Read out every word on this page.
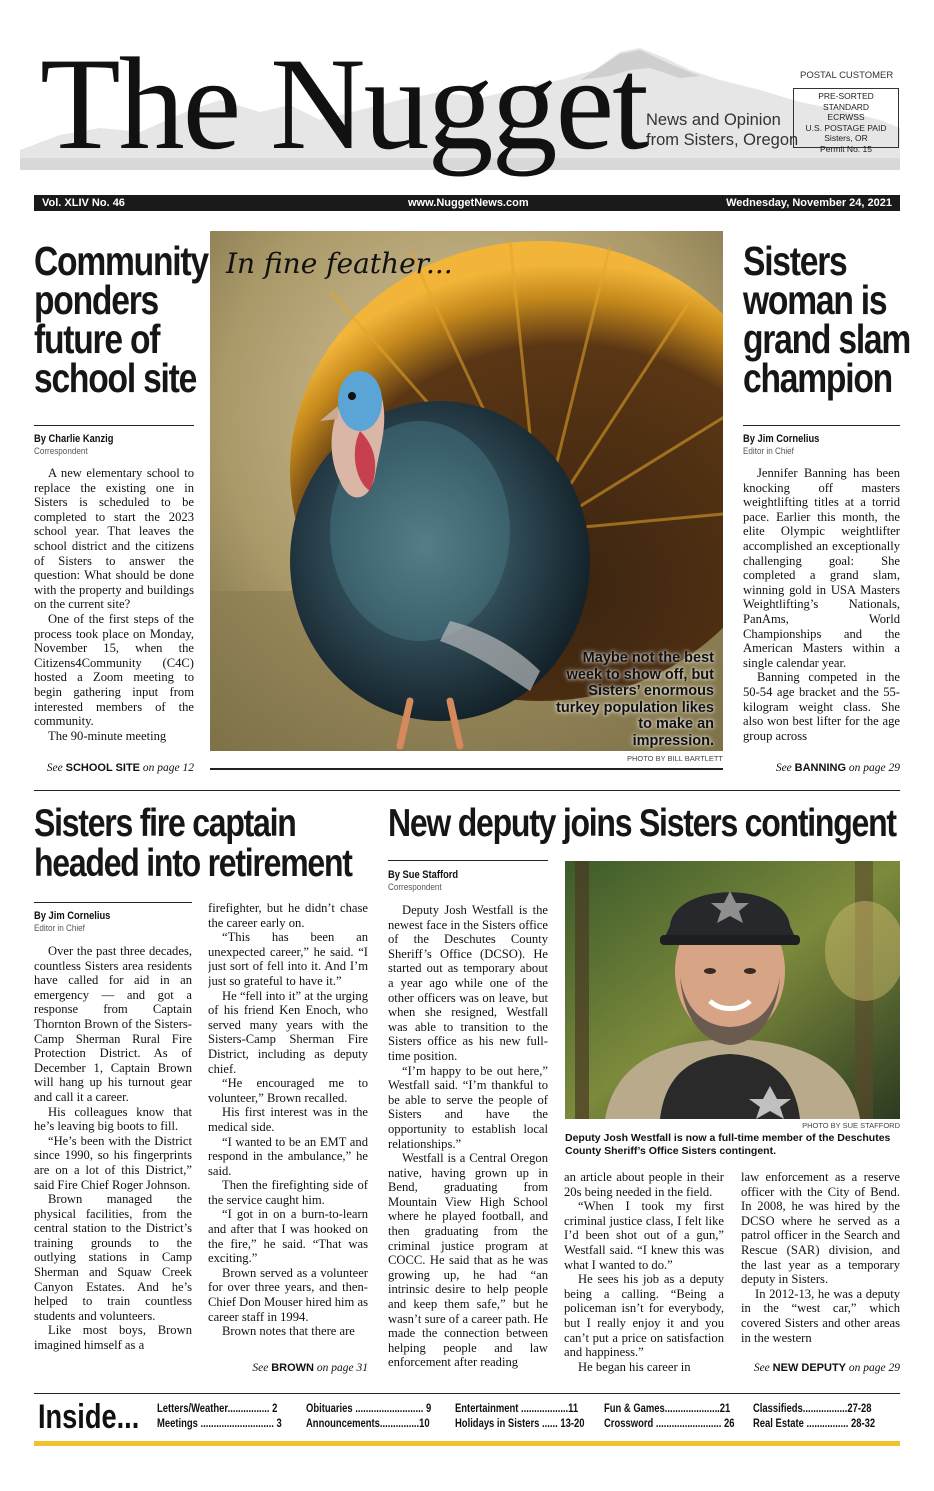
The Nugget News and Opinion
from Sisters, Oregon
POSTAL CUSTOMER
PRE-SORTED STANDARD
ECRWSS
U.S. POSTAGE PAID
Sisters, OR
Permit No. 15
Vol. XLIV No. 46	www.NuggetNews.com	Wednesday, November 24, 2021
Community
ponders
future of
school site
By Charlie Kanzig
Correspondent

A new elementary school to replace the existing one in Sisters is scheduled to be completed to start the 2023 school year. That leaves the school district and the citizens of Sisters to answer the question: What should be done with the property and buildings on the current site?

One of the first steps of the process took place on Monday, November 15, when the Citizens4Community (C4C) hosted a Zoom meeting to begin gathering input from interested members of the community.

The 90-minute meeting

See SCHOOL SITE on page 12
In fine feather...
Maybe not the best week to show off, but Sisters’ enormous turkey population likes to make an impression.
PHOTO BY BILL BARTLETT
Sisters
woman is
grand slam
champion
By Jim Cornelius
Editor in Chief

Jennifer Banning has been knocking off masters weightlifting titles at a torrid pace. Earlier this month, the elite Olympic weightlifter accomplished an exceptionally challenging goal: She completed a grand slam, winning gold in USA Masters Weightlifting’s Nationals, PanAms, World Championships and the American Masters within a single calendar year.

Banning competed in the 50-54 age bracket and the 55-kilogram weight class. She also won best lifter for the age group across

See BANNING on page 29
Sisters fire captain
headed into retirement
By Jim Cornelius
Editor in Chief

Over the past three decades, countless Sisters area residents have called for aid in an emergency — and got a response from Captain Thornton Brown of the Sisters-Camp Sherman Rural Fire Protection District. As of December 1, Captain Brown will hang up his turnout gear and call it a career.

His colleagues know that he’s leaving big boots to fill.

“He’s been with the District since 1990, so his fingerprints are on a lot of this District,” said Fire Chief Roger Johnson.

Brown managed the physical facilities, from the central station to the District’s training grounds to the outlying stations in Camp Sherman and Squaw Creek Canyon Estates. And he’s helped to train countless students and volunteers.

Like most boys, Brown imagined himself as a

firefighter, but he didn’t chase the career early on.

“This has been an unexpected career,” he said. “I just sort of fell into it. And I’m just so grateful to have it.”

He “fell into it” at the urging of his friend Ken Enoch, who served many years with the Sisters-Camp Sherman Fire District, including as deputy chief.

“He encouraged me to volunteer,” Brown recalled.

His first interest was in the medical side.

“I wanted to be an EMT and respond in the ambulance,” he said.

Then the firefighting side of the service caught him.

“I got in on a burn-to-learn and after that I was hooked on the fire,” he said. “That was exciting.”

Brown served as a volunteer for over three years, and then-Chief Don Mouser hired him as career staff in 1994.

Brown notes that there are

See BROWN on page 31
New deputy joins Sisters contingent
By Sue Stafford
Correspondent

Deputy Josh Westfall is the newest face in the Sisters office of the Deschutes County Sheriff’s Office (DCSO). He started out as temporary about a year ago while one of the other officers was on leave, but when she resigned, Westfall was able to transition to the Sisters office as his new full-time position.

“I’m happy to be out here,” Westfall said. “I’m thankful to be able to serve the people of Sisters and have the opportunity to establish local relationships.”

Westfall is a Central Oregon native, having grown up in Bend, graduating from Mountain View High School where he played football, and then graduating from the criminal justice program at COCC. He said that as he was growing up, he had “an intrinsic desire to help people and keep them safe,” but he wasn’t sure of a career path. He made the connection between helping people and law enforcement after reading

PHOTO BY SUE STAFFORD
Deputy Josh Westfall is now a full-time member of the Deschutes County Sheriff’s Office Sisters contingent.

an article about people in their 20s being needed in the field.

“When I took my first criminal justice class, I felt like I’d been shot out of a gun,” Westfall said. “I knew this was what I wanted to do.”

He sees his job as a deputy being a calling. “Being a policeman isn’t for everybody, but I really enjoy it and you can’t put a price on satisfaction and happiness.”

He began his career in

law enforcement as a reserve officer with the City of Bend. In 2008, he was hired by the DCSO where he served as a patrol officer in the Search and Rescue (SAR) division, and the last year as a temporary deputy in Sisters.

In 2012-13, he was a deputy in the “west car,” which covered Sisters and other areas in the western

See NEW DEPUTY on page 29
Inside... Letters/Weather................ 2
Meetings ............................ 3
Obituaries .......................... 9
Announcements...............10
Entertainment ..................11
Holidays in Sisters ...... 13-20
Fun & Games.....................21
Crossword ......................... 26
Classifieds.................27-28
Real Estate ................ 28-32
